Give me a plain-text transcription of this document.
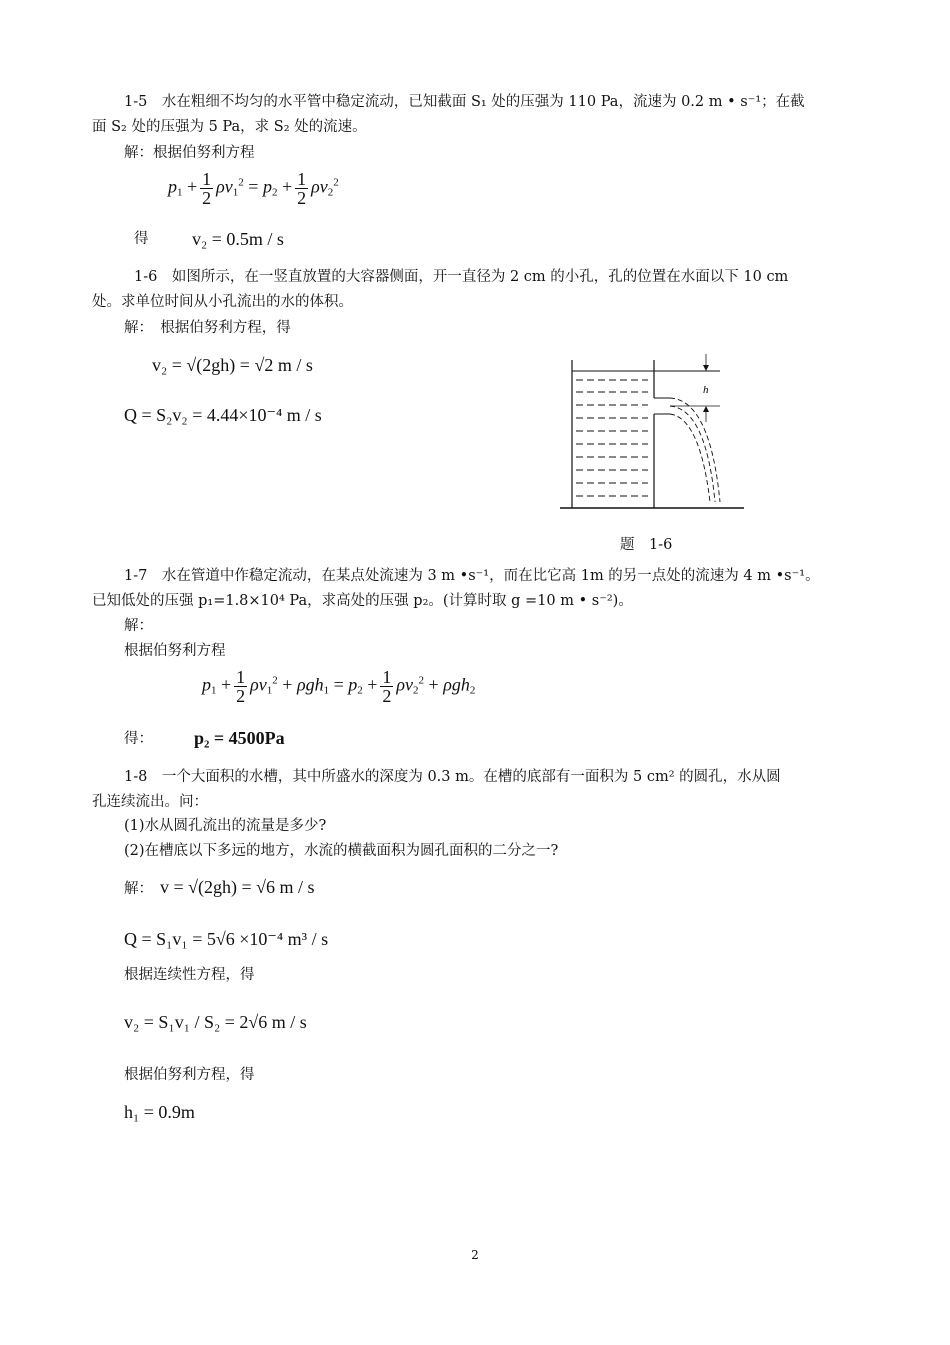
1-5　水在粗细不均匀的水平管中稳定流动，已知截面 S₁ 处的压强为 110 Pa，流速为 0.2 m • s⁻¹；在截
面 S₂ 处的压强为 5 Pa，求 S₂ 处的流速。
解：根据伯努利方程
$p_1 + \frac{1}{2} \rho v_1^2 = p_2 + \frac{1}{2} \rho v_2^2$
得 v₂ = 0.5m / s
1-6　如图所示，在一竖直放置的大容器侧面，开一直径为 2 cm 的小孔，孔的位置在水面以下 10 cm
处。求单位时间从小孔流出的水的体积。
解：　根据伯努利方程，得
v₂ = √(2gh) = √2 m / s
Q = S₂v₂ = 4.44×10⁻⁴ m / s
h
题　1-6
1-7　水在管道中作稳定流动，在某点处流速为 3 m •s⁻¹，而在比它高 1m 的另一点处的流速为 4 m •s⁻¹。
已知低处的压强 p₁=1.8×10⁴ Pa，求高处的压强 p₂。(计算时取 g =10 m • s⁻²)。
解：
根据伯努利方程
$p_1 + \frac{1}{2} \rho v_1^2 + \rho gh_1 = p_2 + \frac{1}{2} \rho v_2^2 + \rho gh_2$
得： p₂ = 4500Pa
1-8　一个大面积的水槽，其中所盛水的深度为 0.3 m。在槽的底部有一面积为 5 cm² 的圆孔，水从圆
孔连续流出。问：
(1)水从圆孔流出的流量是多少?
(2)在槽底以下多远的地方，水流的横截面积为圆孔面积的二分之一?
解： v = √(2gh) = √6 m / s
Q = S₁v₁ = 5√6 ×10⁻⁴ m³ / s
根据连续性方程，得
v₂ = S₁v₁ / S₂ = 2√6 m / s
根据伯努利方程，得
h₁ = 0.9m
2
